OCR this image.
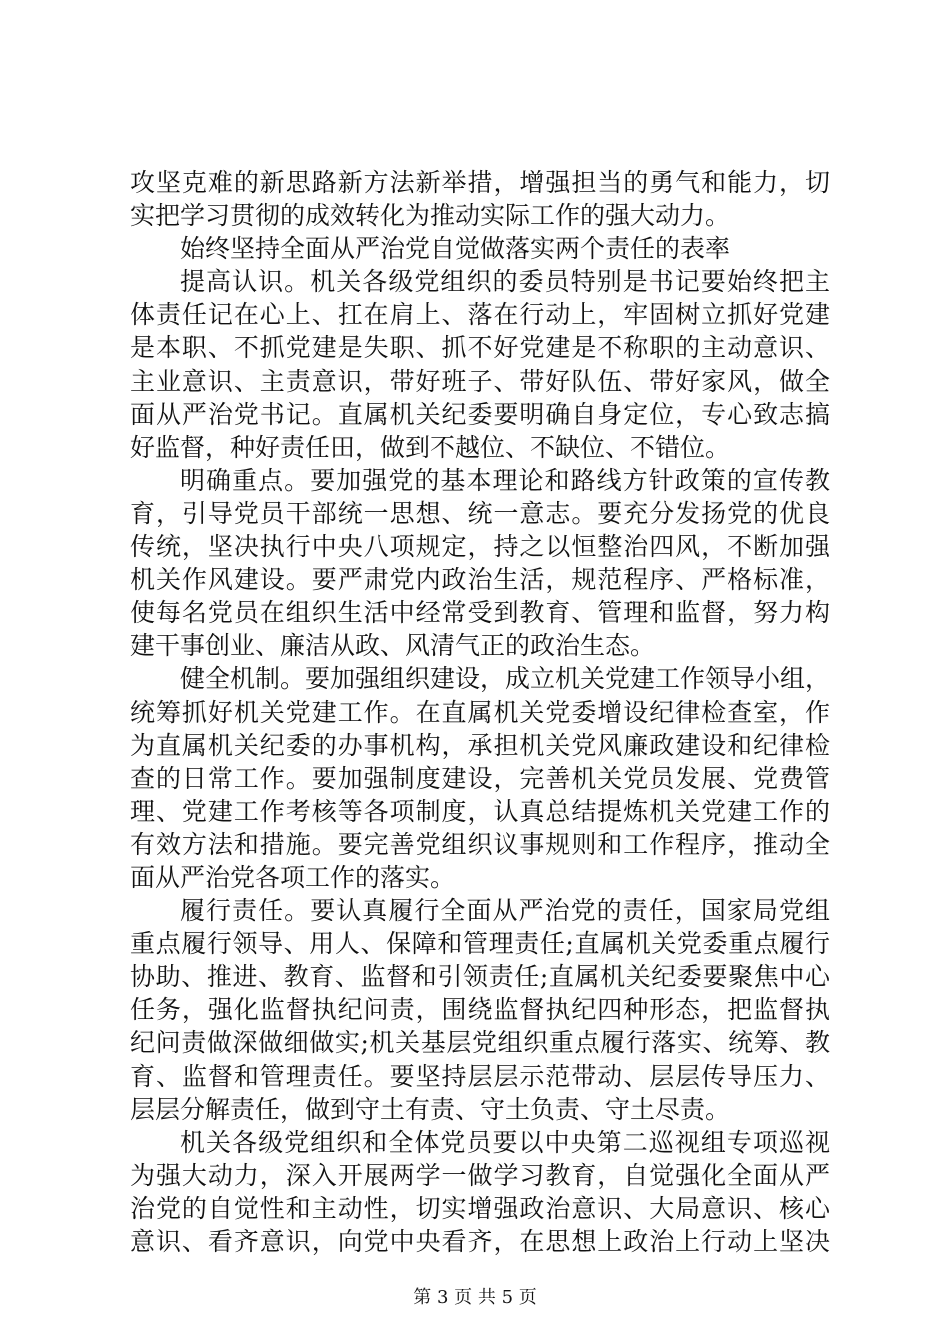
攻坚克难的新思路新方法新举措，增强担当的勇气和能力，切
实把学习贯彻的成效转化为推动实际工作的强大动力。
始终坚持全面从严治党自觉做落实两个责任的表率
提高认识。机关各级党组织的委员特别是书记要始终把主
体责任记在心上、扛在肩上、落在行动上，牢固树立抓好党建
是本职、不抓党建是失职、抓不好党建是不称职的主动意识、
主业意识、主责意识，带好班子、带好队伍、带好家风，做全
面从严治党书记。直属机关纪委要明确自身定位，专心致志搞
好监督，种好责任田，做到不越位、不缺位、不错位。
明确重点。要加强党的基本理论和路线方针政策的宣传教
育，引导党员干部统一思想、统一意志。要充分发扬党的优良
传统，坚决执行中央八项规定，持之以恒整治四风，不断加强
机关作风建设。要严肃党内政治生活，规范程序、严格标准，
使每名党员在组织生活中经常受到教育、管理和监督，努力构
建干事创业、廉洁从政、风清气正的政治生态。
健全机制。要加强组织建设，成立机关党建工作领导小组，
统筹抓好机关党建工作。在直属机关党委增设纪律检查室，作
为直属机关纪委的办事机构，承担机关党风廉政建设和纪律检
查的日常工作。要加强制度建设，完善机关党员发展、党费管
理、党建工作考核等各项制度，认真总结提炼机关党建工作的
有效方法和措施。要完善党组织议事规则和工作程序，推动全
面从严治党各项工作的落实。
履行责任。要认真履行全面从严治党的责任，国家局党组
重点履行领导、用人、保障和管理责任;直属机关党委重点履行
协助、推进、教育、监督和引领责任;直属机关纪委要聚焦中心
任务，强化监督执纪问责，围绕监督执纪四种形态，把监督执
纪问责做深做细做实;机关基层党组织重点履行落实、统筹、教
育、监督和管理责任。要坚持层层示范带动、层层传导压力、
层层分解责任，做到守土有责、守土负责、守土尽责。
机关各级党组织和全体党员要以中央第二巡视组专项巡视
为强大动力，深入开展两学一做学习教育，自觉强化全面从严
治党的自觉性和主动性，切实增强政治意识、大局意识、核心
意识、看齐意识，向党中央看齐，在思想上政治上行动上坚决
第 3 页 共 5 页
